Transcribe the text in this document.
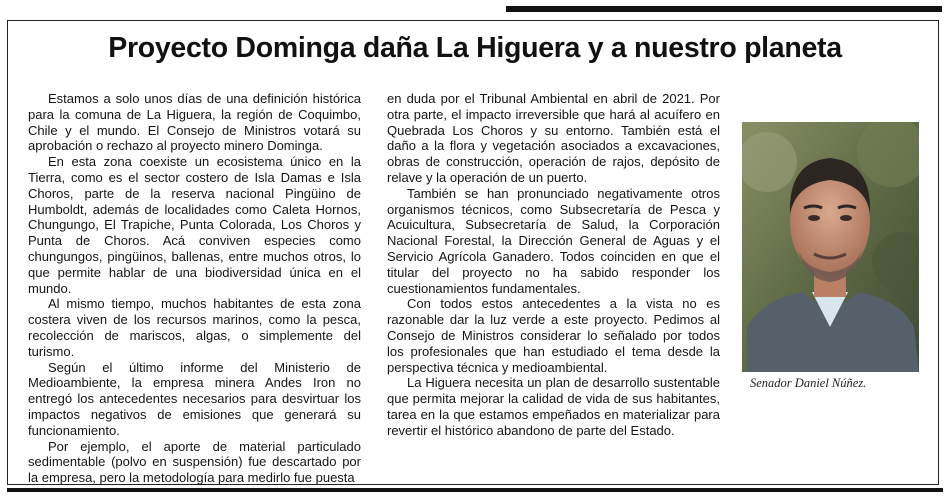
Proyecto Dominga daña La Higuera y a nuestro planeta

Estamos a solo unos días de una definición histórica para la comuna de La Higuera, la región de Coquimbo, Chile y el mundo. El Consejo de Ministros votará su aprobación o rechazo al proyecto minero Dominga.

En esta zona coexiste un ecosistema único en la Tierra, como es el sector costero de Isla Damas e Isla Choros, parte de la reserva nacional Pingüino de Humboldt, además de localidades como Caleta Hornos, Chungungo, El Trapiche, Punta Colorada, Los Choros y Punta de Choros. Acá conviven especies como chungungos, pingüinos, ballenas, entre muchos otros, lo que permite hablar de una biodiversidad única en el mundo.

Al mismo tiempo, muchos habitantes de esta zona costera viven de los recursos marinos, como la pesca, recolección de mariscos, algas, o simplemente del turismo.

Según el último informe del Ministerio de Medioambiente, la empresa minera Andes Iron no entregó los antecedentes necesarios para desvirtuar los impactos negativos de emisiones que generará su funcionamiento.

Por ejemplo, el aporte de material particulado sedimentable (polvo en suspensión) fue descartado por la empresa, pero la metodología para medirlo fue puesta

en duda por el Tribunal Ambiental en abril de 2021. Por otra parte, el impacto irreversible que hará al acuífero en Quebrada Los Choros y su entorno. También está el daño a la flora y vegetación asociados a excavaciones, obras de construcción, operación de rajos, depósito de relave y la operación de un puerto.

También se han pronunciado negativamente otros organismos técnicos, como Subsecretaría de Pesca y Acuicultura, Subsecretaría de Salud, la Corporación Nacional Forestal, la Dirección General de Aguas y el Servicio Agrícola Ganadero. Todos coinciden en que el titular del proyecto no ha sabido responder los cuestionamientos fundamentales.

Con todos estos antecedentes a la vista no es razonable dar la luz verde a este proyecto. Pedimos al Consejo de Ministros considerar lo señalado por todos los profesionales que han estudiado el tema desde la perspectiva técnica y medioambiental.

La Higuera necesita un plan de desarrollo sustentable que permita mejorar la calidad de vida de sus habitantes, tarea en la que estamos empeñados en materializar para revertir el histórico abandono de parte del Estado.

Senador Daniel Núñez.
